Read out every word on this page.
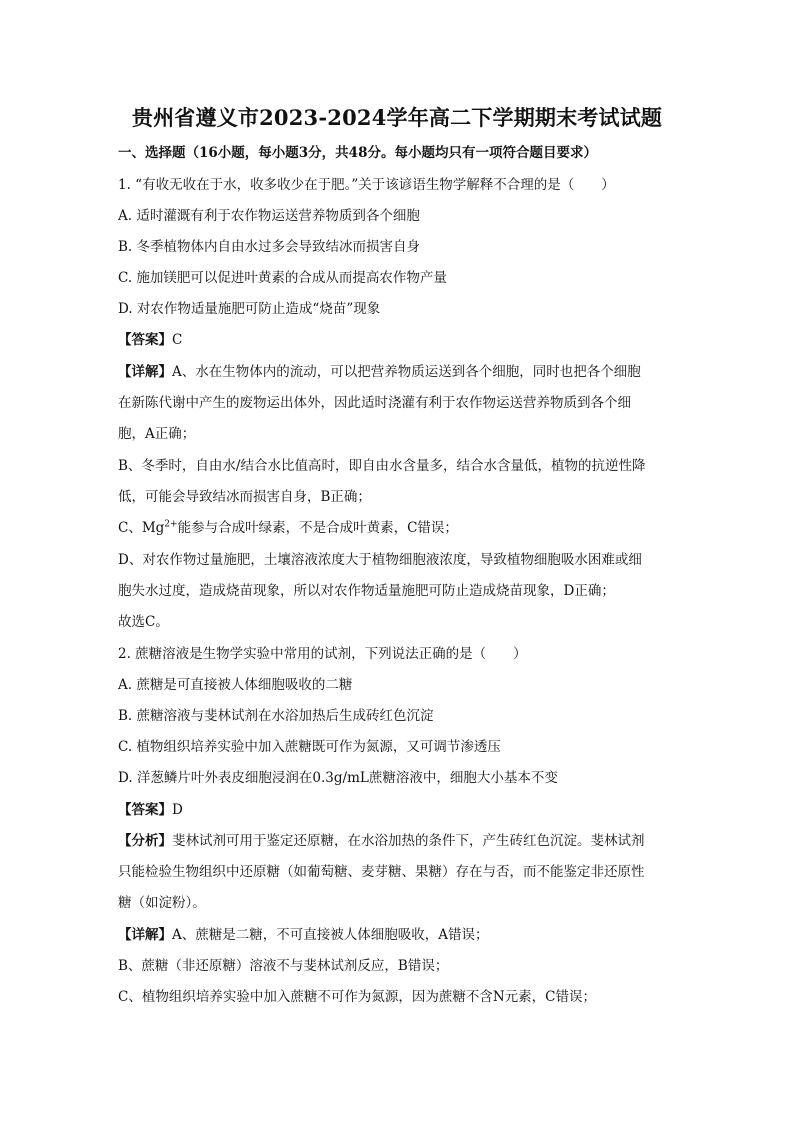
贵州省遵义市2023-2024学年高二下学期期末考试试题
一、选择题（16小题，每小题3分，共48分。每小题均只有一项符合题目要求）
1. “有收无收在于水，收多收少在于肥。”关于该谚语生物学解释不合理的是（　　）
A. 适时灌溉有利于农作物运送营养物质到各个细胞
B. 冬季植物体内自由水过多会导致结冰而损害自身
C. 施加镁肥可以促进叶黄素的合成从而提高农作物产量
D. 对农作物适量施肥可防止造成“烧苗”现象
【答案】C
【详解】A、水在生物体内的流动，可以把营养物质运送到各个细胞，同时也把各个细胞
在新陈代谢中产生的废物运出体外，因此适时浇灌有利于农作物运送营养物质到各个细
胞，A正确；
B、冬季时，自由水/结合水比值高时，即自由水含量多，结合水含量低，植物的抗逆性降
低，可能会导致结冰而损害自身，B正确；
C、$Mg^{2+}$能参与合成叶绿素，不是合成叶黄素，C错误；
D、对农作物过量施肥，土壤溶液浓度大于植物细胞液浓度，导致植物细胞吸水困难或细
胞失水过度，造成烧苗现象，所以对农作物适量施肥可防止造成烧苗现象，D正确；
故选C。
2. 蔗糖溶液是生物学实验中常用的试剂，下列说法正确的是（　　）
A. 蔗糖是可直接被人体细胞吸收的二糖
B. 蔗糖溶液与斐林试剂在水浴加热后生成砖红色沉淀
C. 植物组织培养实验中加入蔗糖既可作为氮源，又可调节渗透压
D. 洋葱鳞片叶外表皮细胞浸润在0.3g/mL蔗糖溶液中，细胞大小基本不变
【答案】D
【分析】斐林试剂可用于鉴定还原糖，在水浴加热的条件下，产生砖红色沉淀。斐林试剂
只能检验生物组织中还原糖（如葡萄糖、麦芽糖、果糖）存在与否，而不能鉴定非还原性
糖（如淀粉）。
【详解】A、蔗糖是二糖，不可直接被人体细胞吸收，A错误；
B、蔗糖（非还原糖）溶液不与斐林试剂反应，B错误；
C、植物组织培养实验中加入蔗糖不可作为氮源，因为蔗糖不含N元素，C错误；
